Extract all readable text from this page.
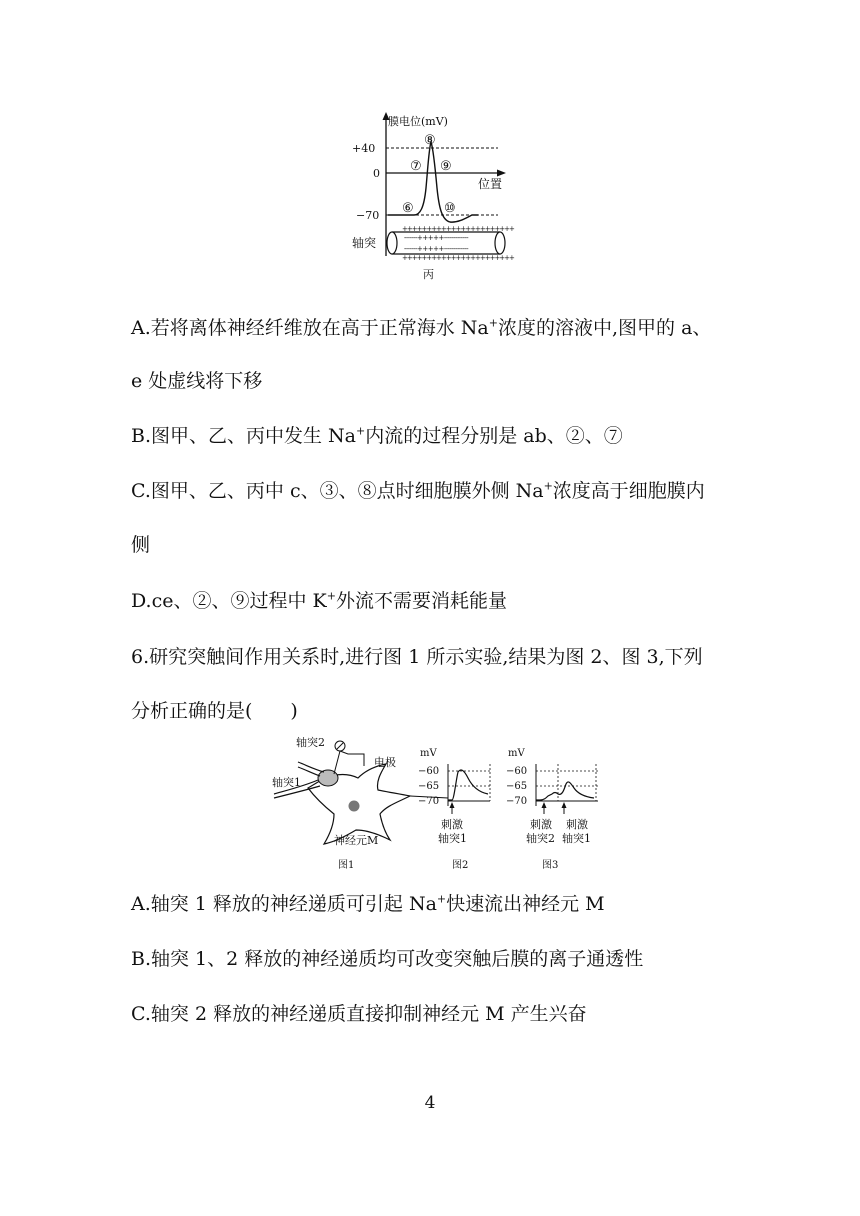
膜电位(mV)
+40
0
−70
位置
⑥
⑦
⑧
⑨
⑩
+++++++++++++++++++++++
-------+++++-------------
-------+++++-------------
+++++++++++++++++++++++
轴突
丙
A.若将离体神经纤维放在高于正常海水 Na+浓度的溶液中,图甲的 a、
e 处虚线将下移
B.图甲、乙、丙中发生 Na+内流的过程分别是 ab、②、⑦
C.图甲、乙、丙中 c、③、⑧点时细胞膜外侧 Na+浓度高于细胞膜内
侧
D.ce、②、⑨过程中 K+外流不需要消耗能量
6.研究突触间作用关系时,进行图 1 所示实验,结果为图 2、图 3,下列
分析正确的是(　　)
轴突2
轴突1
电极
神经元M
图1
mV
−60
−65
−70
刺激
轴突1
图2
mV
−60
−65
−70
刺激
轴突2
刺激
轴突1
图3
A.轴突 1 释放的神经递质可引起 Na+快速流出神经元 M
B.轴突 1、2 释放的神经递质均可改变突触后膜的离子通透性
C.轴突 2 释放的神经递质直接抑制神经元 M 产生兴奋
4
